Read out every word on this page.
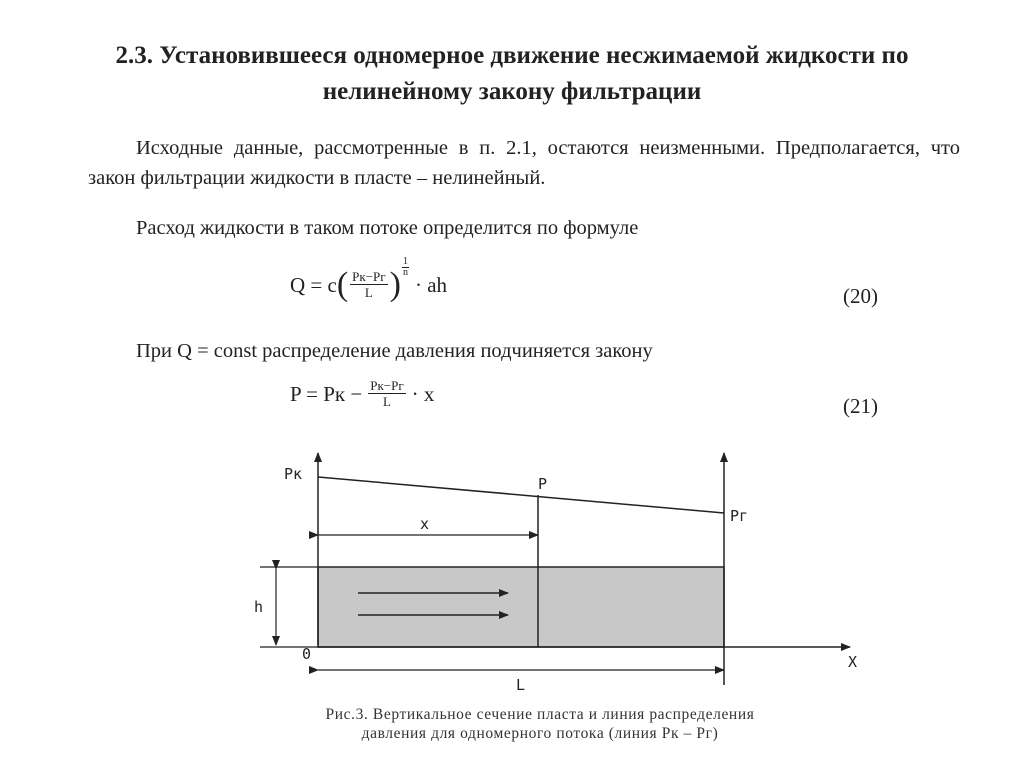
2.3. Установившееся одномерное движение несжимаемой жидкости по
нелинейному закону фильтрации
Исходные данные, рассмотренные в п. 2.1, остаются неизменными. Предполагается, что закон фильтрации жидкости в пласте – нелинейный.
Расход жидкости в таком потоке определится по формуле
Q = c ( $\frac{Pк-Pг}{L}$ ) $\frac{1}{n}$
· ah	(20)
При Q = const распределение давления подчиняется закону
P = Pк − $\frac{Pк-Pг}{L} \cdot x$
(21)
Pк
P
Pг
x
h
0	X
L
Рис.3. Вертикальное сечение пласта и линия распределения
давления для одномерного потока (линия Pк – Pг)
